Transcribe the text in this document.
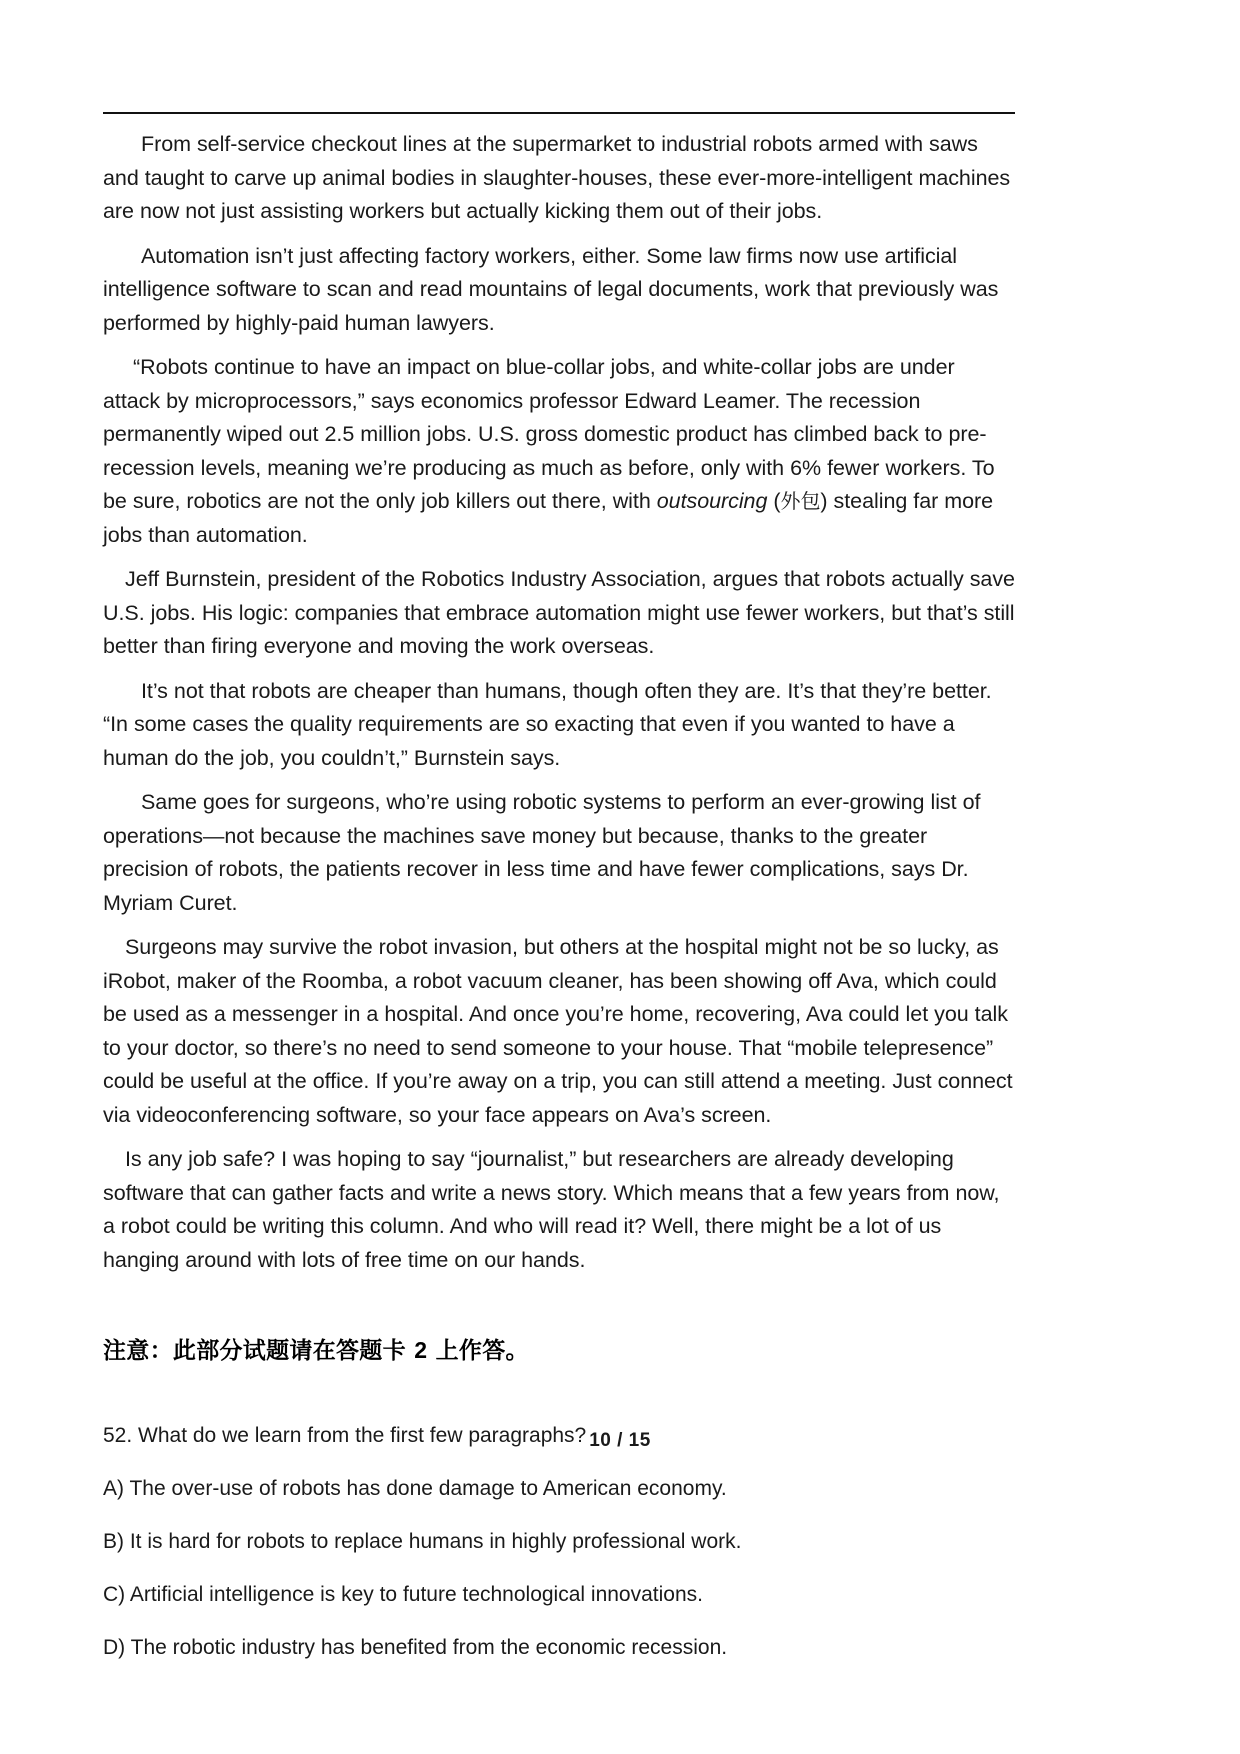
From self-service checkout lines at the supermarket to industrial robots armed with saws and taught to carve up animal bodies in slaughter-houses, these ever-more-intelligent machines are now not just assisting workers but actually kicking them out of their jobs.

Automation isn’t just affecting factory workers, either. Some law firms now use artificial intelligence software to scan and read mountains of legal documents, work that previously was performed by highly-paid human lawyers.

“Robots continue to have an impact on blue-collar jobs, and white-collar jobs are under attack by microprocessors,” says economics professor Edward Leamer. The recession permanently wiped out 2.5 million jobs. U.S. gross domestic product has climbed back to pre-recession levels, meaning we’re producing as much as before, only with 6% fewer workers. To be sure, robotics are not the only job killers out there, with outsourcing (外包) stealing far more jobs than automation.

Jeff Burnstein, president of the Robotics Industry Association, argues that robots actually save U.S. jobs. His logic: companies that embrace automation might use fewer workers, but that’s still better than firing everyone and moving the work overseas.

It’s not that robots are cheaper than humans, though often they are. It’s that they’re better. “In some cases the quality requirements are so exacting that even if you wanted to have a human do the job, you couldn’t,” Burnstein says.

Same goes for surgeons, who’re using robotic systems to perform an ever-growing list of operations—not because the machines save money but because, thanks to the greater precision of robots, the patients recover in less time and have fewer complications, says Dr. Myriam Curet.

Surgeons may survive the robot invasion, but others at the hospital might not be so lucky, as iRobot, maker of the Roomba, a robot vacuum cleaner, has been showing off Ava, which could be used as a messenger in a hospital. And once you’re home, recovering, Ava could let you talk to your doctor, so there’s no need to send someone to your house. That “mobile telepresence” could be useful at the office. If you’re away on a trip, you can still attend a meeting. Just connect via videoconferencing software, so your face appears on Ava’s screen.

Is any job safe? I was hoping to say “journalist,” but researchers are already developing software that can gather facts and write a news story. Which means that a few years from now, a robot could be writing this column. And who will read it? Well, there might be a lot of us hanging around with lots of free time on our hands.

注意：此部分试题请在答题卡 2 上作答。

52. What do we learn from the first few paragraphs?

A) The over-use of robots has done damage to American economy.

B) It is hard for robots to replace humans in highly professional work.

C) Artificial intelligence is key to future technological innovations.

D) The robotic industry has benefited from the economic recession.

10 / 15
